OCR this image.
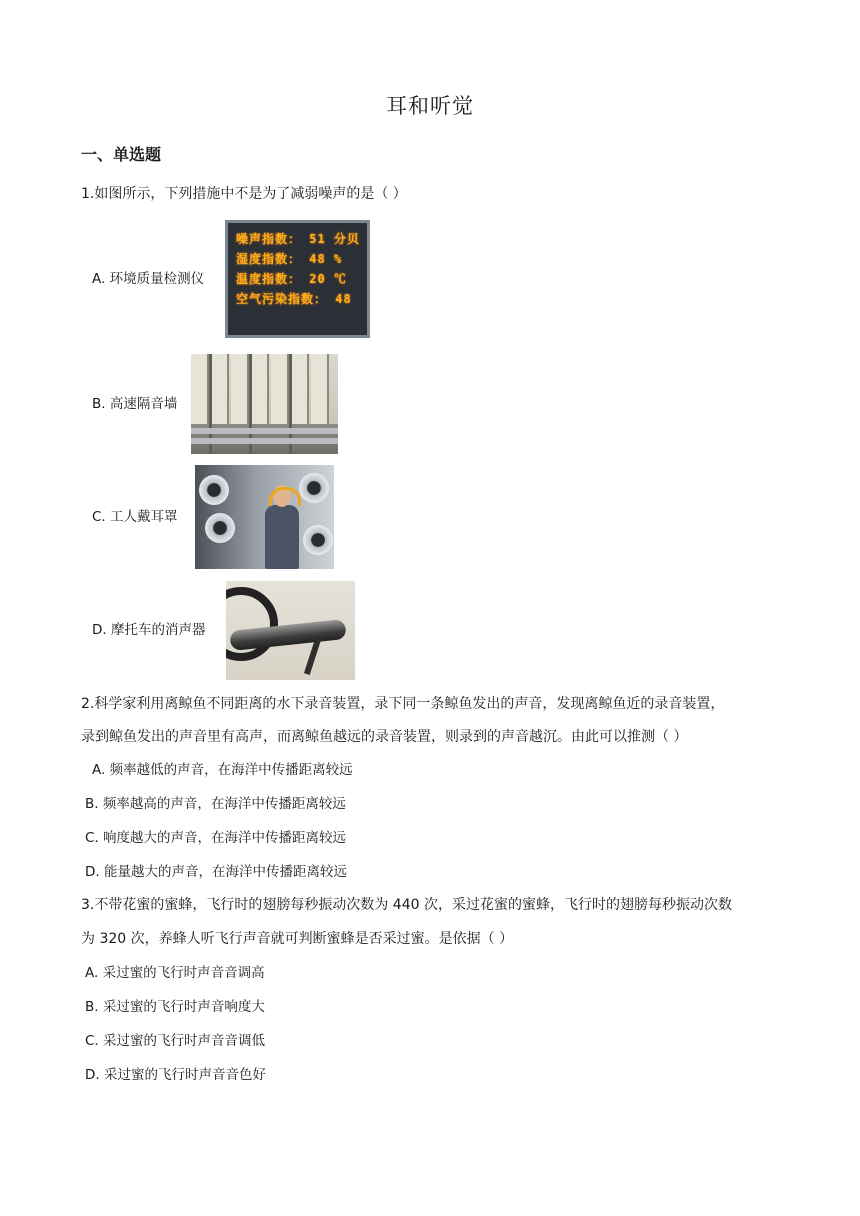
耳和听觉
一、单选题
1.如图所示，下列措施中不是为了减弱噪声的是（ ）
A. 环境质量检测仪
噪声指数： 51 分贝
湿度指数： 48 %
温度指数： 20 ℃
空气污染指数： 48
B. 高速隔音墙
C. 工人戴耳罩
D. 摩托车的消声器
2.科学家利用离鲸鱼不同距离的水下录音装置，录下同一条鲸鱼发出的声音，发现离鲸鱼近的录音装置，
录到鲸鱼发出的声音里有高声，而离鲸鱼越远的录音装置，则录到的声音越沉。由此可以推测（ ）
A. 频率越低的声音，在海洋中传播距离较远
B. 频率越高的声音，在海洋中传播距离较远
C. 响度越大的声音，在海洋中传播距离较远
D. 能量越大的声音，在海洋中传播距离较远
3.不带花蜜的蜜蜂，飞行时的翅膀每秒振动次数为 440 次，采过花蜜的蜜蜂，飞行时的翅膀每秒振动次数
为 320 次，养蜂人听飞行声音就可判断蜜蜂是否采过蜜。是依据（ ）
A. 采过蜜的飞行时声音音调高
B. 采过蜜的飞行时声音响度大
C. 采过蜜的飞行时声音音调低
D. 采过蜜的飞行时声音音色好
